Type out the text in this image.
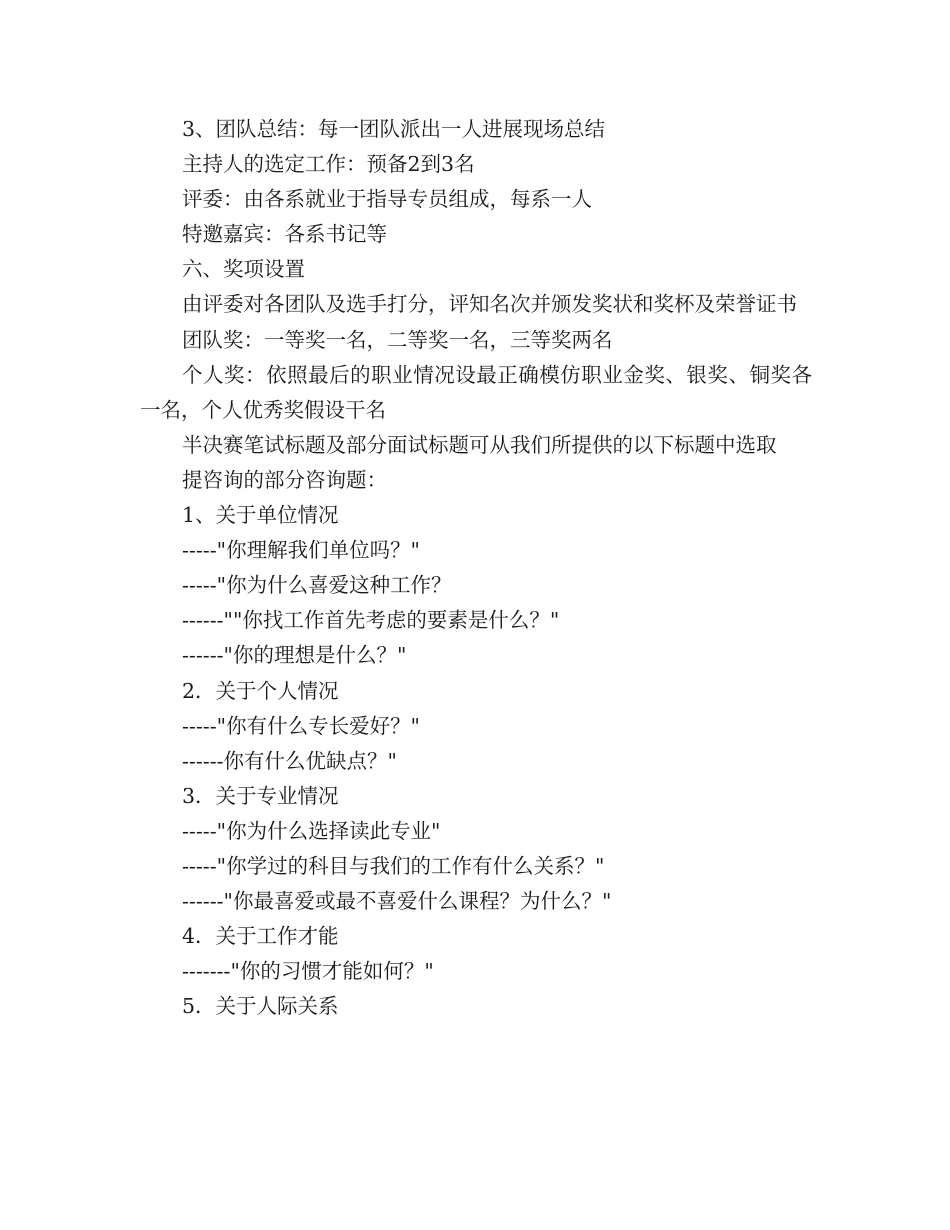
3、团队总结：每一团队派出一人进展现场总结

主持人的选定工作：预备2到3名

评委：由各系就业于指导专员组成，每系一人

特邀嘉宾：各系书记等

六、奖项设置

由评委对各团队及选手打分，评知名次并颁发奖状和奖杯及荣誉证书

团队奖：一等奖一名，二等奖一名，三等奖两名

个人奖：依照最后的职业情况设最正确模仿职业金奖、银奖、铜奖各一名，个人优秀奖假设干名

半决赛笔试标题及部分面试标题可从我们所提供的以下标题中选取

提咨询的部分咨询题：

1、关于单位情况

-----"你理解我们单位吗？"

-----"你为什么喜爱这种工作？

------""你找工作首先考虑的要素是什么？"

------"你的理想是什么？"

2．关于个人情况

-----"你有什么专长爱好？"

------你有什么优缺点？"

3．关于专业情况

-----"你为什么选择读此专业"

-----"你学过的科目与我们的工作有什么关系？"

------"你最喜爱或最不喜爱什么课程？为什么？"

4．关于工作才能

-------"你的习惯才能如何？"

5．关于人际关系
